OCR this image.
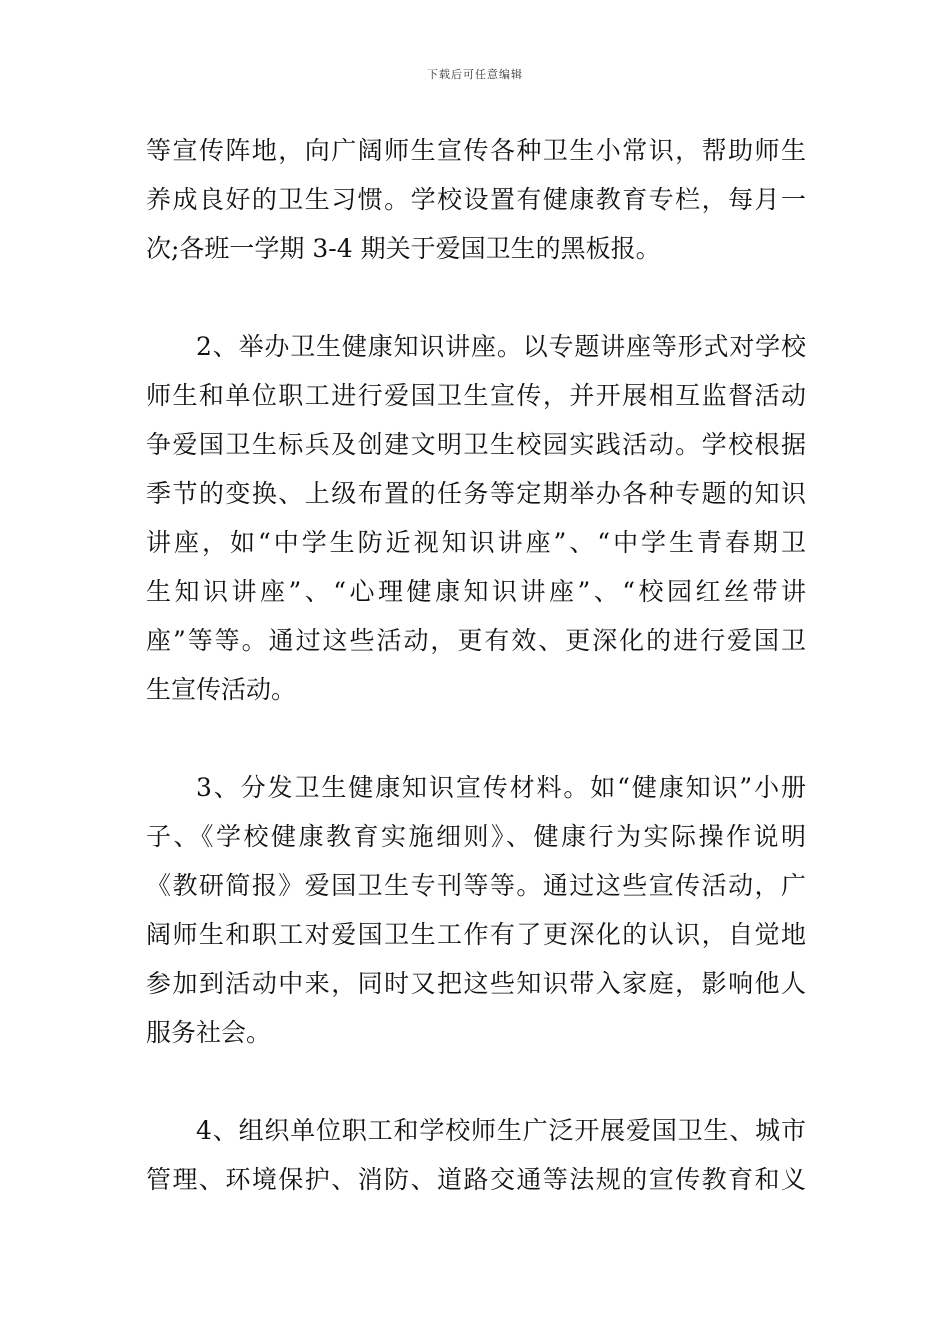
下载后可任意编辑
等宣传阵地，向广阔师生宣传各种卫生小常识，帮助师生
养成良好的卫生习惯。学校设置有健康教育专栏，每月一
次;各班一学期 3-4 期关于爱国卫生的黑板报。
2、举办卫生健康知识讲座。以专题讲座等形式对学校
师生和单位职工进行爱国卫生宣传，并开展相互监督活动
争爱国卫生标兵及创建文明卫生校园实践活动。学校根据
季节的变换、上级布置的任务等定期举办各种专题的知识
讲座，如“中学生防近视知识讲座”、“中学生青春期卫
生知识讲座”、“心理健康知识讲座”、“校园红丝带讲
座”等等。通过这些活动，更有效、更深化的进行爱国卫
生宣传活动。
3、分发卫生健康知识宣传材料。如“健康知识”小册
子、《学校健康教育实施细则》、健康行为实际操作说明
《教研简报》爱国卫生专刊等等。通过这些宣传活动，广
阔师生和职工对爱国卫生工作有了更深化的认识，自觉地
参加到活动中来，同时又把这些知识带入家庭，影响他人
服务社会。
4、组织单位职工和学校师生广泛开展爱国卫生、城市
管理、环境保护、消防、道路交通等法规的宣传教育和义
